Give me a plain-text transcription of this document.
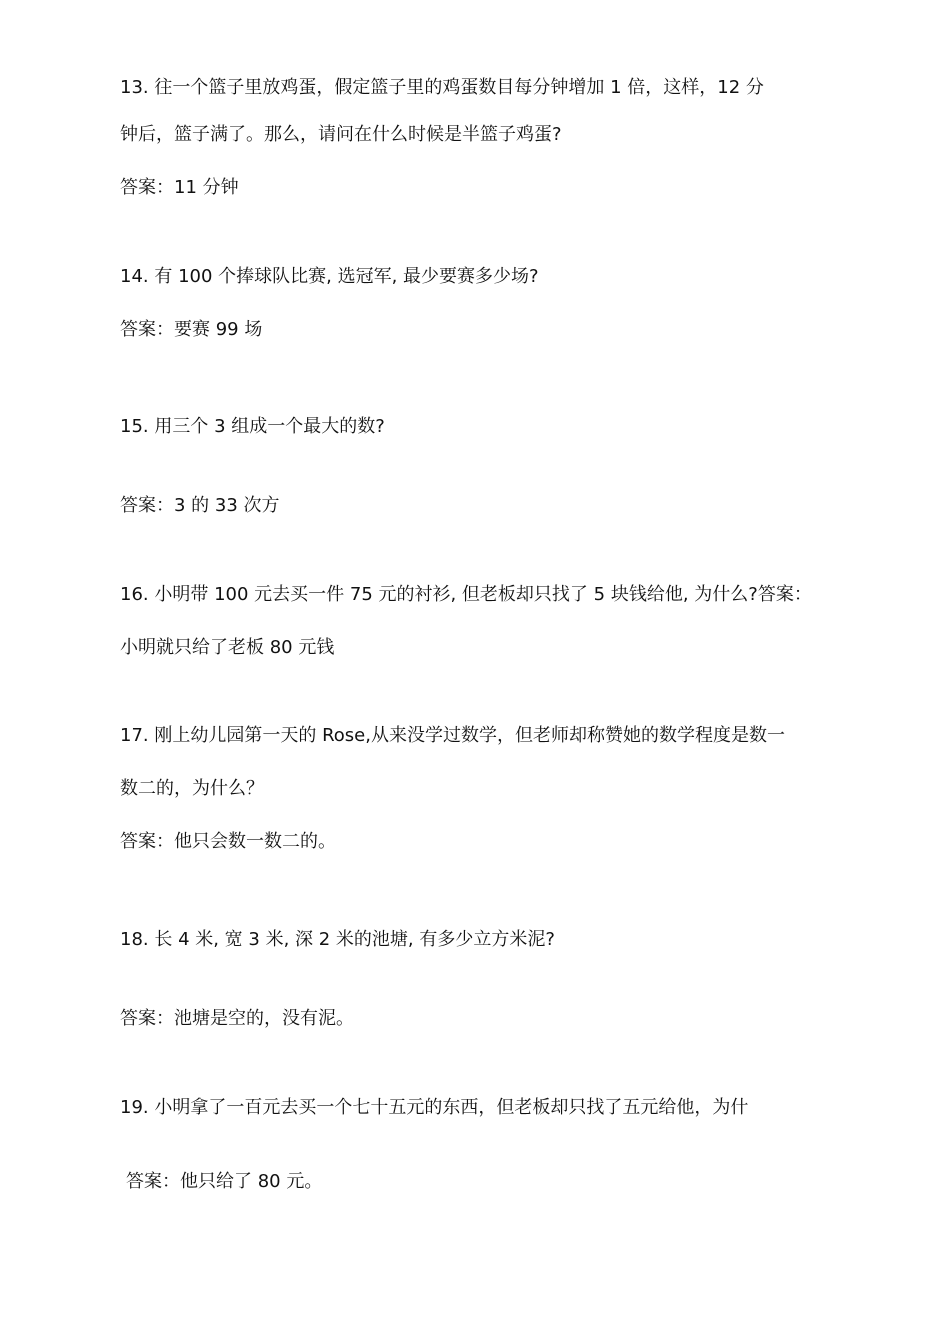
13. 往一个篮子里放鸡蛋，假定篮子里的鸡蛋数目每分钟增加 1 倍，这样，12 分
钟后，篮子满了。那么，请问在什么时候是半篮子鸡蛋?
答案：11 分钟
14. 有 100 个捧球队比赛, 选冠军, 最少要赛多少场?
答案：要赛 99 场
15. 用三个 3 组成一个最大的数?
答案：3 的 33 次方
16. 小明带 100 元去买一件 75 元的衬衫, 但老板却只找了 5 块钱给他, 为什么?答案：
小明就只给了老板 80 元钱
17. 刚上幼儿园第一天的 Rose,从来没学过数学，但老师却称赞她的数学程度是数一
数二的，为什么？
答案：他只会数一数二的。
18. 长 4 米, 宽 3 米, 深 2 米的池塘, 有多少立方米泥?
答案：池塘是空的，没有泥。
19. 小明拿了一百元去买一个七十五元的东西，但老板却只找了五元给他，为什
答案：他只给了 80 元。
